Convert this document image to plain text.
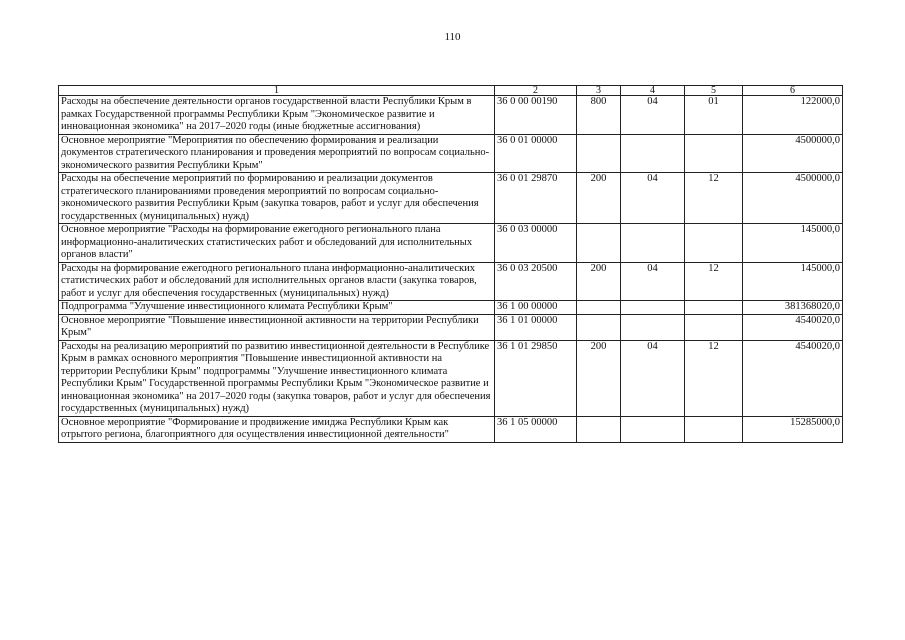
110
1	2	3	4	5	6
Расходы на обеспечение деятельности органов государственной власти Республики Крым в рамках Государственной программы Республики Крым "Экономическое развитие и инновационная экономика" на 2017–2020 годы (иные бюджетные ассигнования)	36 0 00 00190	800	04	01	122000,0
Основное мероприятие "Мероприятия по обеспечению формирования и реализации документов стратегического планирования и проведения мероприятий по вопросам социально-экономического развития Республики Крым"	36 0 01 00000				4500000,0
Расходы на обеспечение мероприятий по формированию и реализации документов стратегического планированиями проведения мероприятий по вопросам социально-экономического развития Республики Крым (закупка товаров, работ и услуг для обеспечения государственных (муниципальных) нужд)	36 0 01 29870	200	04	12	4500000,0
Основное мероприятие "Расходы на формирование ежегодного регионального плана информационно-аналитических статистических работ и обследований для исполнительных органов власти"	36 0 03 00000				145000,0
Расходы на формирование ежегодного регионального плана информационно-аналитических статистических работ и обследований для исполнительных органов власти (закупка товаров, работ и услуг для обеспечения государственных (муниципальных) нужд)	36 0 03 20500	200	04	12	145000,0
Подпрограмма "Улучшение инвестиционного климата Республики Крым"	36 1 00 00000				381368020,0
Основное мероприятие "Повышение инвестиционной активности на территории Республики Крым"	36 1 01 00000				4540020,0
Расходы на реализацию мероприятий по развитию инвестиционной деятельности в Республике Крым в рамках основного мероприятия "Повышение инвестиционной активности на территории Республики Крым" подпрограммы "Улучшение инвестиционного климата Республики Крым" Государственной программы Республики Крым "Экономическое развитие и инновационная экономика" на 2017–2020 годы (закупка товаров, работ и услуг для обеспечения государственных (муниципальных) нужд)	36 1 01 29850	200	04	12	4540020,0
Основное мероприятие "Формирование и продвижение имиджа Республики Крым как отрытого региона, благоприятного для осуществления инвестиционной деятельности"	36 1 05 00000				15285000,0
